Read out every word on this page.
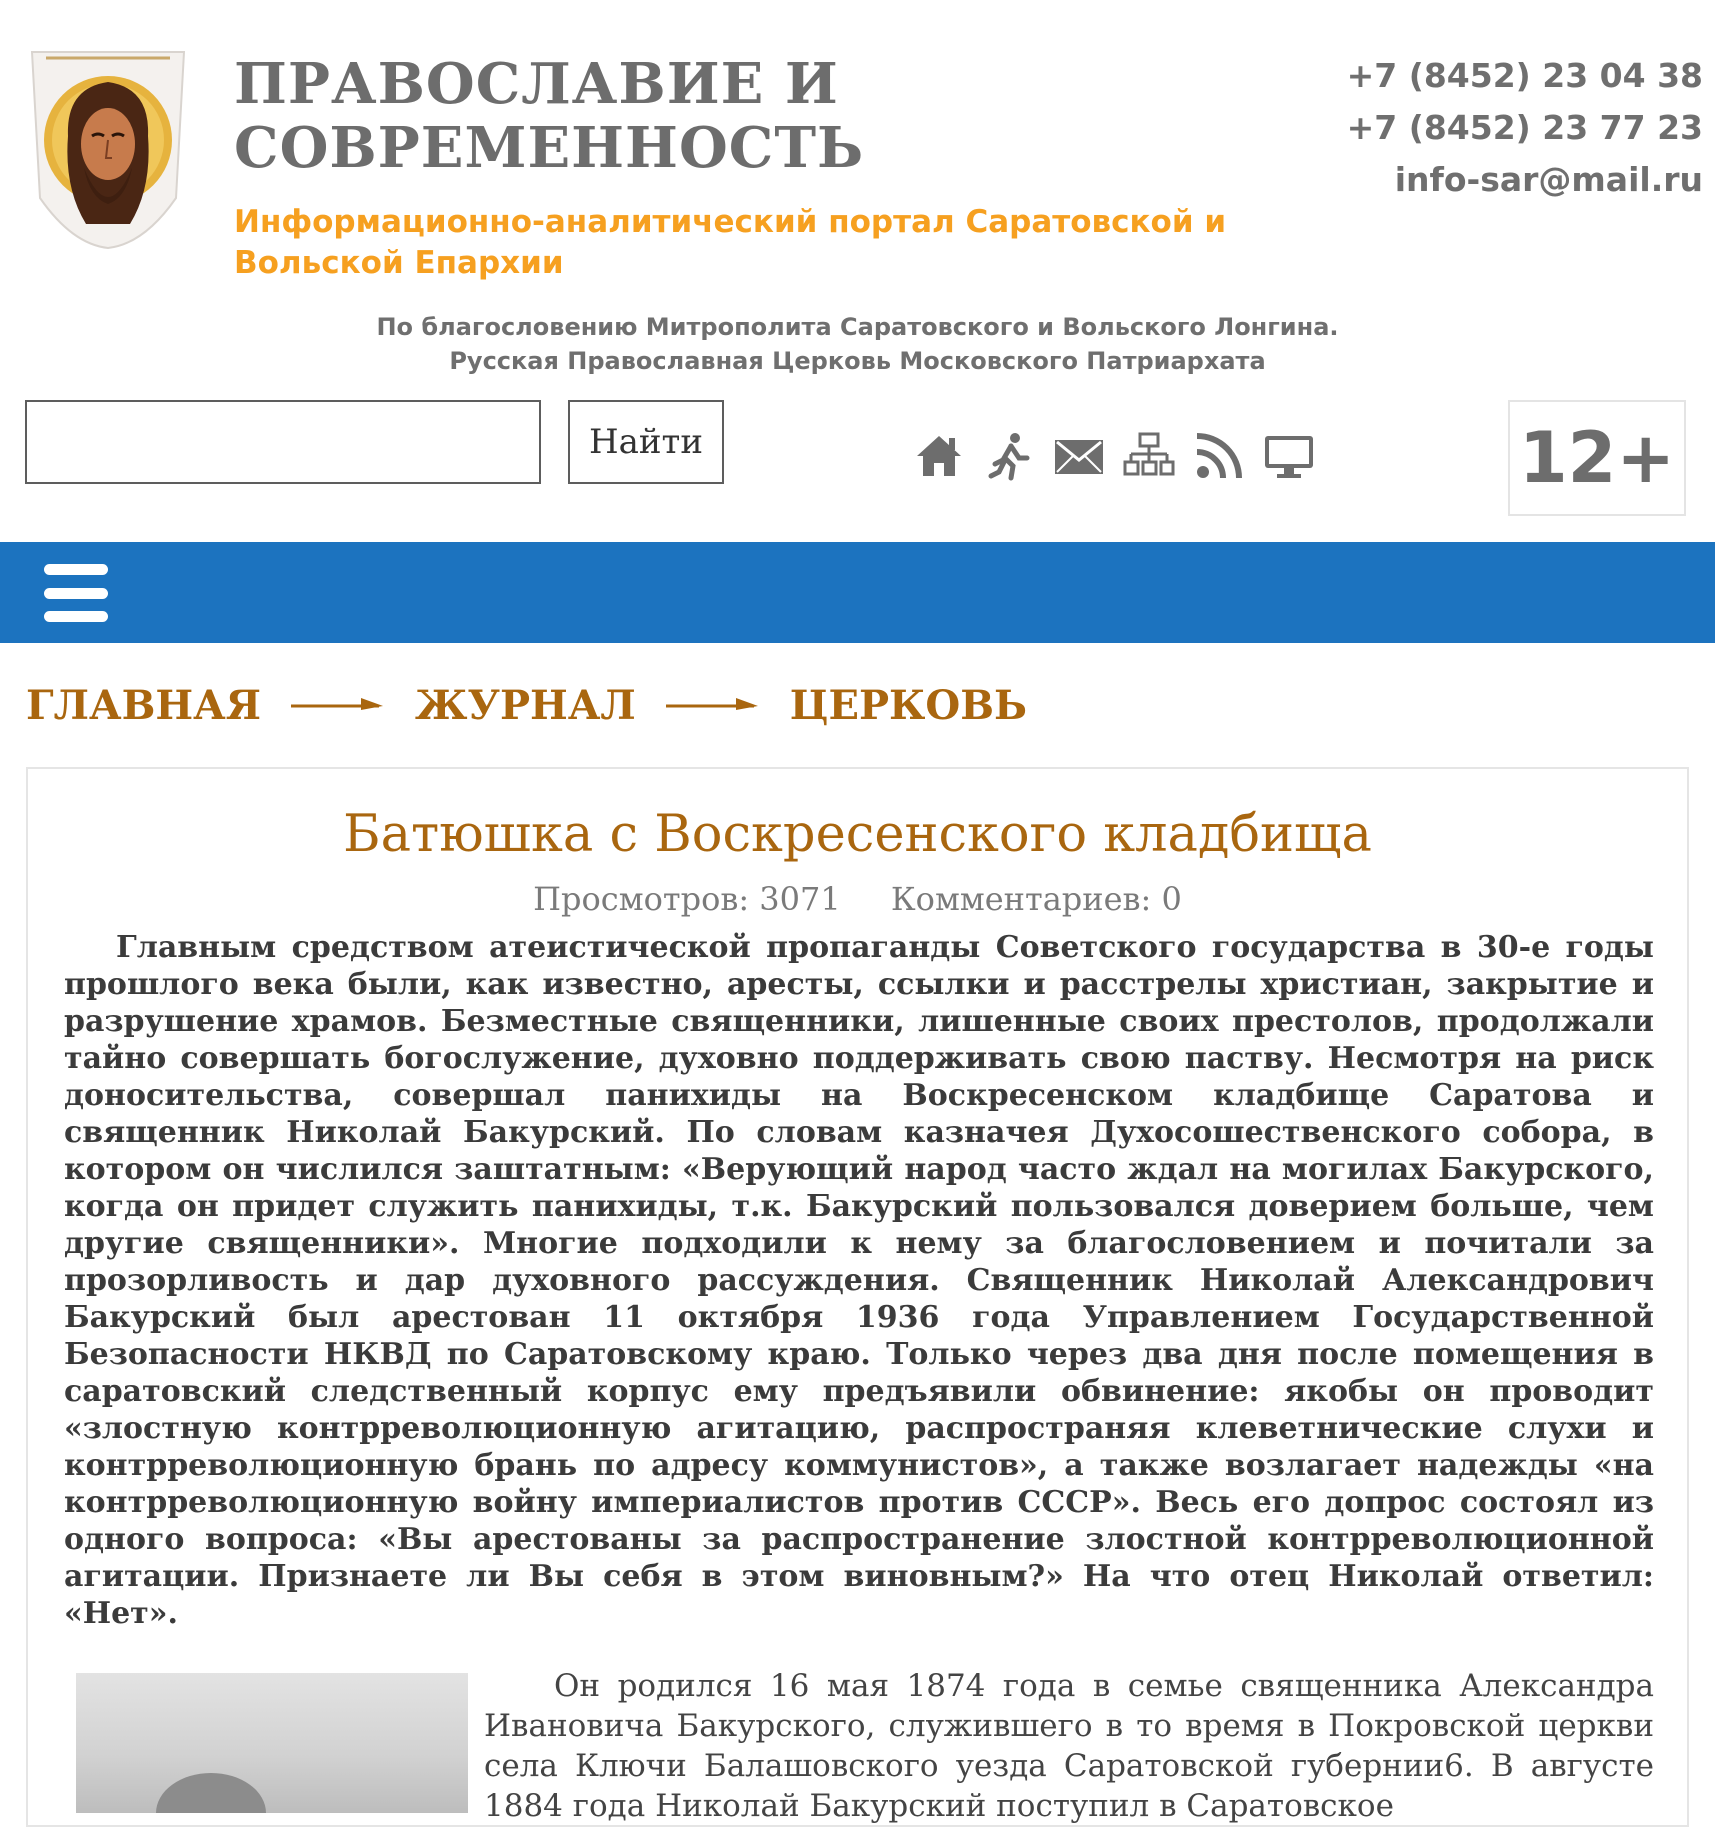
ПРАВОСЛАВИЕ И
СОВРЕМЕННОСТЬ
Информационно-аналитический портал Саратовской и
Вольской Епархии
+7 (8452) 23 04 38
+7 (8452) 23 77 23
info-sar@mail.ru
По благословению Митрополита Саратовского и Вольского Лонгина.
Русская Православная Церковь Московского Патриархата
Найти	12+
ГЛАВНАЯ	ЖУРНАЛ	ЦЕРКОВЬ
Батюшка с Воскресенского кладбища
Просмотров: 3071 Комментариев: 0

Главным средством атеистической пропаганды Советского государства в 30-е годы прошлого века были, как известно, аресты, ссылки и расстрелы христиан, закрытие и разрушение храмов. Безместные священники, лишенные своих престолов, продолжали тайно совершать богослужение, духовно поддерживать свою паству. Несмотря на риск доносительства, совершал панихиды на Воскресенском кладбище Саратова и священник Николай Бакурский. По словам казначея Духосошественского собора, в котором он числился заштатным: «Верующий народ часто ждал на могилах Бакурского, когда он придет служить панихиды, т.к. Бакурский пользовался доверием больше, чем другие священники». Многие подходили к нему за благословением и почитали за прозорливость и дар духовного рассуждения. Священник Николай Александрович Бакурский был арестован 11 октября 1936 года Управлением Государственной Безопасности НКВД по Саратовскому краю. Только через два дня после помещения в саратовский следственный корпус ему предъявили обвинение: якобы он проводит «злостную контрреволюционную агитацию, распространяя клеветнические слухи и контрреволюционную брань по адресу коммунистов», а также возлагает надежды «на контрреволюционную войну империалистов против СССР». Весь его допрос состоял из одного вопроса: «Вы арестованы за распространение злостной контрреволюционной агитации. Признаете ли Вы себя в этом виновным?» На что отец Николай ответил: «Нет».

Он родился 16 мая 1874 года в семье священника Александра Ивановича Бакурского, служившего в то время в Покровской церкви села Ключи Балашовского уезда Саратовской губернии6. В августе 1884 года Николай Бакурский поступил в Саратовское
